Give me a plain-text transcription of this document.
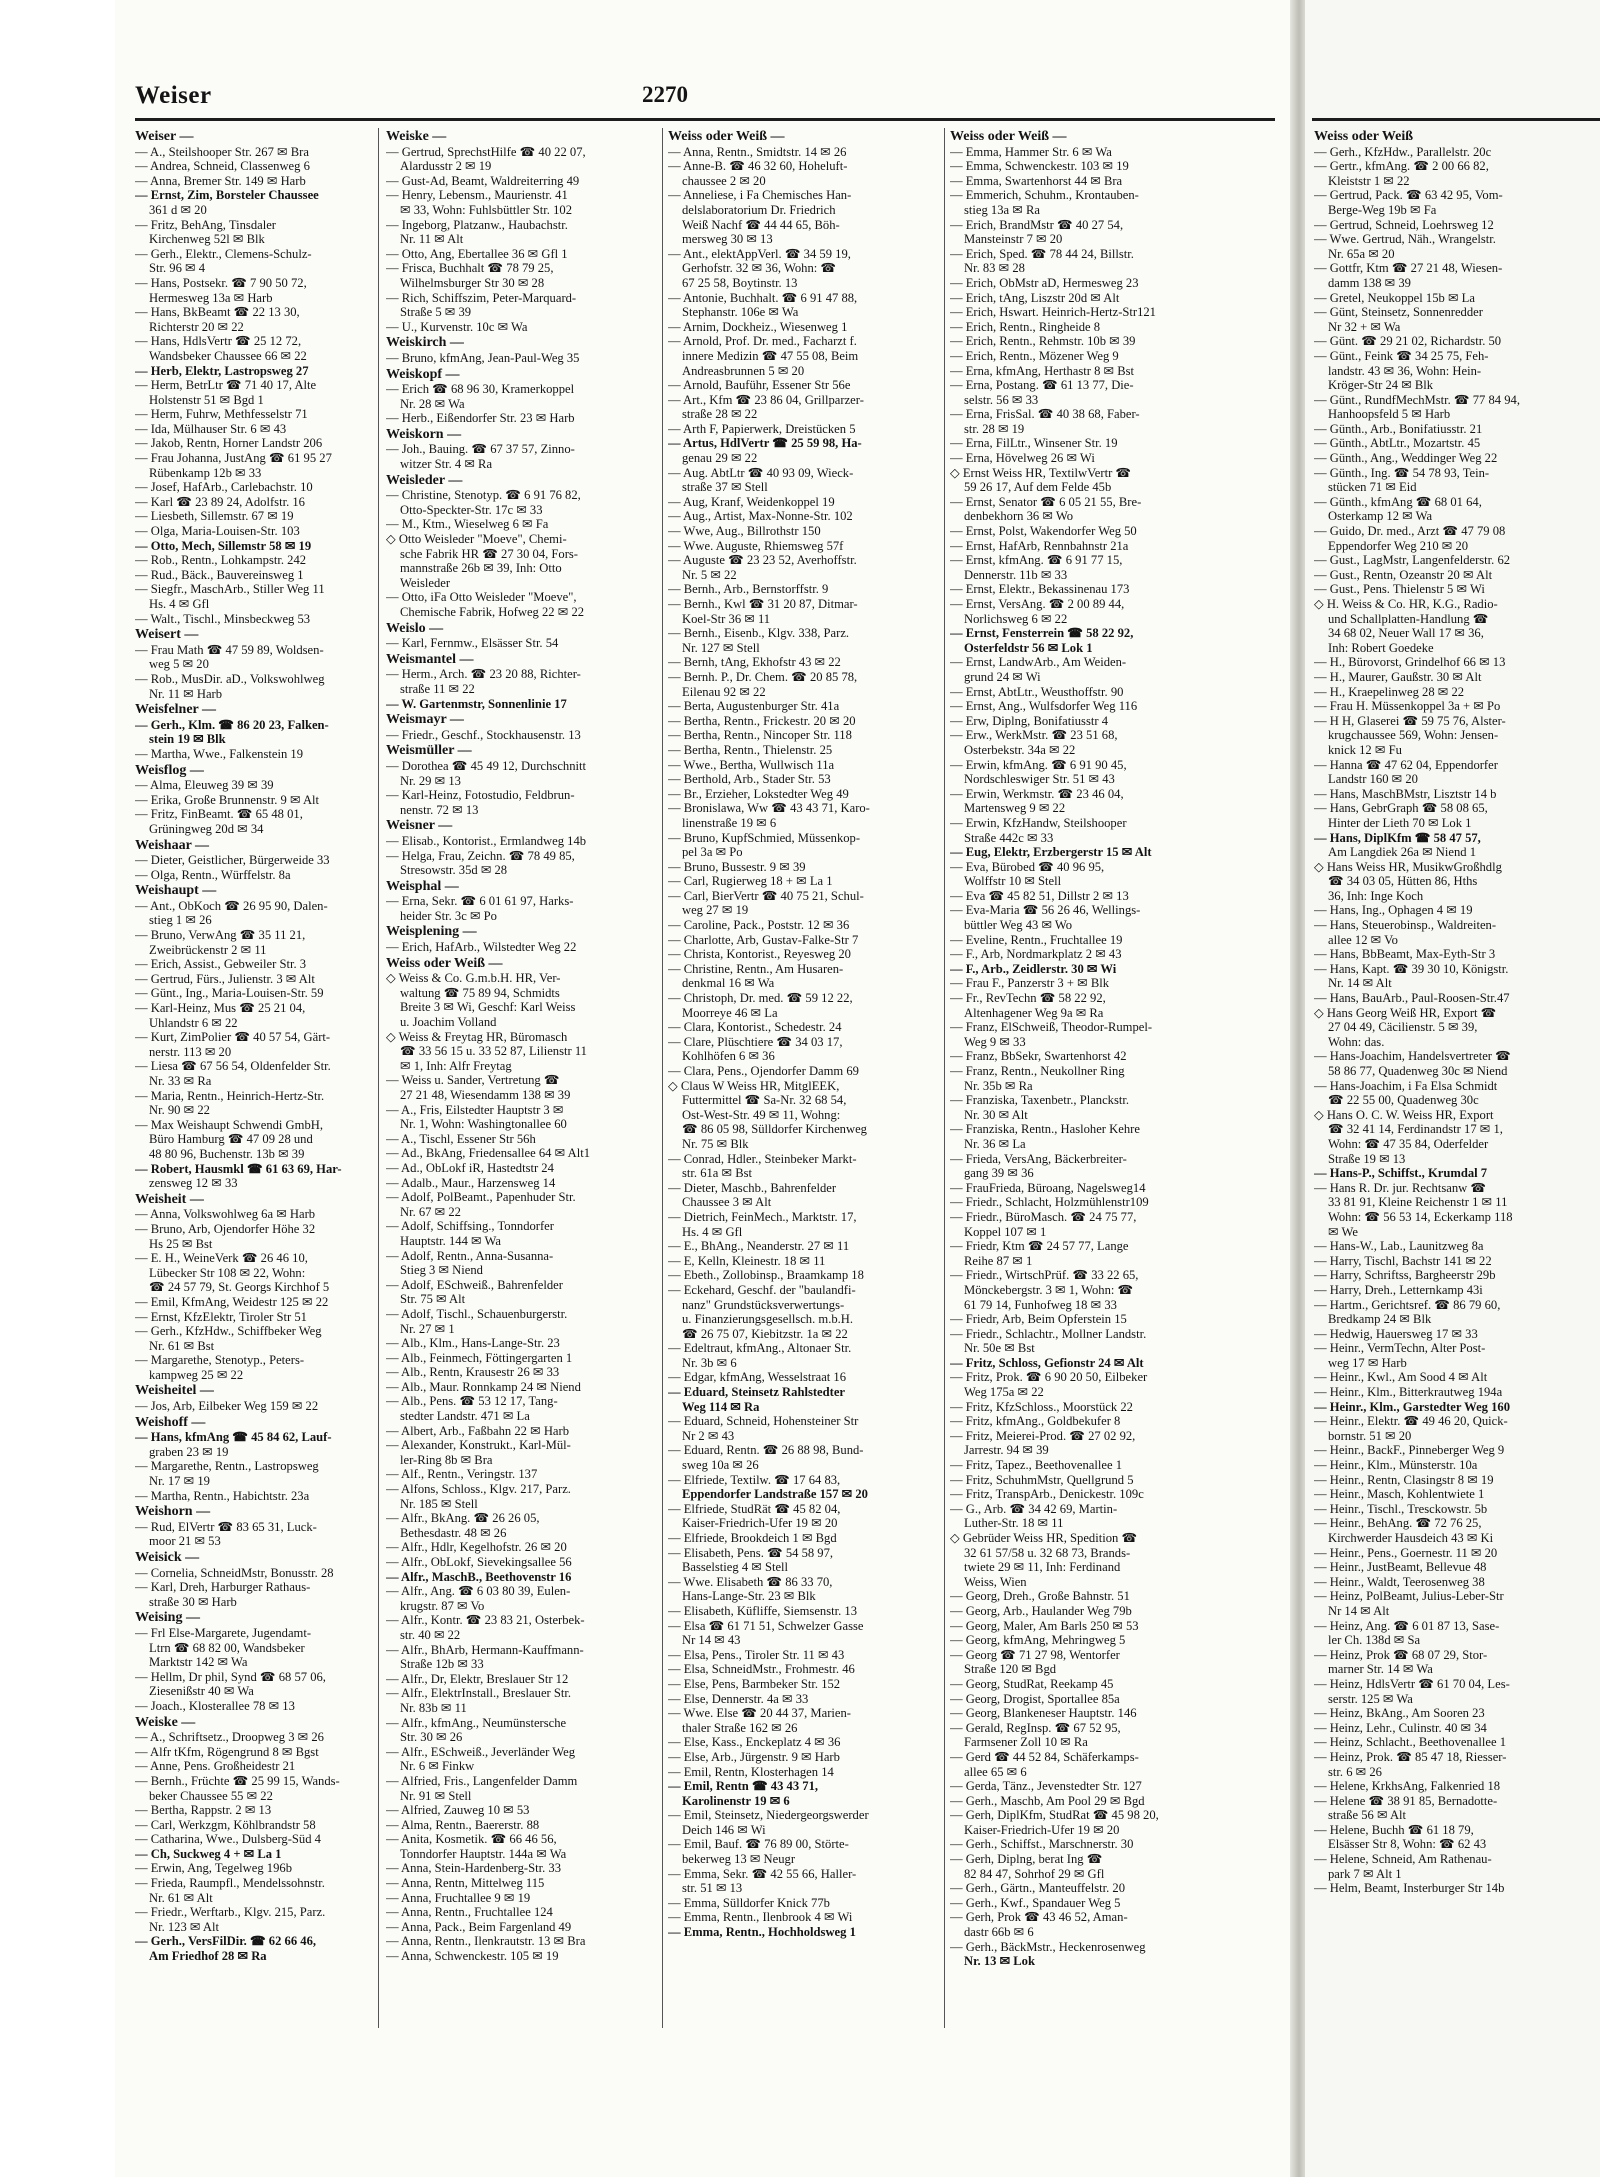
Weiser	2270
Weiser —
— A., Steilshooper Str. 267 ✉ Bra
— Andrea, Schneid, Classenweg 6
— Anna, Bremer Str. 149 ✉ Harb
— Ernst, Zim, Borsteler Chaussee
361 d ✉ 20
— Fritz, BehAng, Tinsdaler
Kirchenweg 52l ✉ Blk
— Gerh., Elektr., Clemens-Schulz-
Str. 96 ✉ 4
— Hans, Postsekr. ☎ 7 90 50 72,
Hermesweg 13a ✉ Harb
— Hans, BkBeamt ☎ 22 13 30,
Richterstr 20 ✉ 22
— Hans, HdlsVertr ☎ 25 12 72,
Wandsbeker Chaussee 66 ✉ 22
— Herb, Elektr, Lastropsweg 27
— Herm, BetrLtr ☎ 71 40 17, Alte
Holstenstr 51 ✉ Bgd 1
— Herm, Fuhrw, Methfesselstr 71
— Ida, Mülhauser Str. 6 ✉ 43
— Jakob, Rentn, Horner Landstr 206
— Frau Johanna, JustAng ☎ 61 95 27
Rübenkamp 12b ✉ 33
— Josef, HafArb., Carlebachstr. 10
— Karl ☎ 23 89 24, Adolfstr. 16
— Liesbeth, Sillemstr. 67 ✉ 19
— Olga, Maria-Louisen-Str. 103
— Otto, Mech, Sillemstr 58 ✉ 19
— Rob., Rentn., Lohkampstr. 242
— Rud., Bäck., Bauvereinsweg 1
— Siegfr., MaschArb., Stiller Weg 11
Hs. 4 ✉ Gfl
— Walt., Tischl., Minsbeckweg 53
Weisert —
— Frau Math ☎ 47 59 89, Woldsen-
weg 5 ✉ 20
— Rob., MusDir. aD., Volkswohlweg
Nr. 11 ✉ Harb
Weisfelner —
— Gerh., Klm. ☎ 86 20 23, Falken-
stein 19 ✉ Blk
— Martha, Wwe., Falkenstein 19
Weisflog —
— Alma, Eleuweg 39 ✉ 39
— Erika, Große Brunnenstr. 9 ✉ Alt
— Fritz, FinBeamt. ☎ 65 48 01,
Grüningweg 20d ✉ 34
Weishaar —
— Dieter, Geistlicher, Bürgerweide 33
— Olga, Rentn., Würffelstr. 8a
Weishaupt —
— Ant., ObKoch ☎ 26 95 90, Dalen-
stieg 1 ✉ 26
— Bruno, VerwAng ☎ 35 11 21,
Zweibrückenstr 2 ✉ 11
— Erich, Assist., Gebweiler Str. 3
— Gertrud, Fürs., Julienstr. 3 ✉ Alt
— Günt., Ing., Maria-Louisen-Str. 59
— Karl-Heinz, Mus ☎ 25 21 04,
Uhlandstr 6 ✉ 22
— Kurt, ZimPolier ☎ 40 57 54, Gärt-
nerstr. 113 ✉ 20
— Liesa ☎ 67 56 54, Oldenfelder Str.
Nr. 33 ✉ Ra
— Maria, Rentn., Heinrich-Hertz-Str.
Nr. 90 ✉ 22
— Max Weishaupt Schwendi GmbH,
Büro Hamburg ☎ 47 09 28 und
48 80 96, Buchenstr. 13b ✉ 39
— Robert, Hausmkl ☎ 61 63 69, Har-
zensweg 12 ✉ 33
Weisheit —
— Anna, Volkswohlweg 6a ✉ Harb
— Bruno, Arb, Ojendorfer Höhe 32
Hs 25 ✉ Bst
— E. H., WeineVerk ☎ 26 46 10,
Lübecker Str 108 ✉ 22, Wohn:
☎ 24 57 79, St. Georgs Kirchhof 5
— Emil, KfmAng, Weidestr 125 ✉ 22
— Ernst, KfzElektr, Tiroler Str 51
— Gerh., KfzHdw., Schiffbeker Weg
Nr. 61 ✉ Bst
— Margarethe, Stenotyp., Peters-
kampweg 25 ✉ 22
Weisheitel —
— Jos, Arb, Eilbeker Weg 159 ✉ 22
Weishoff —
— Hans, kfmAng ☎ 45 84 62, Lauf-
graben 23 ✉ 19
— Margarethe, Rentn., Lastropsweg
Nr. 17 ✉ 19
— Martha, Rentn., Habichtstr. 23a
Weishorn —
— Rud, ElVertr ☎ 83 65 31, Luck-
moor 21 ✉ 53
Weisick —
— Cornelia, SchneidMstr, Bonusstr. 28
— Karl, Dreh, Harburger Rathaus-
straße 30 ✉ Harb
Weising —
— Frl Else-Margarete, Jugendamt-
Ltrn ☎ 68 82 00, Wandsbeker
Marktstr 142 ✉ Wa
— Hellm, Dr phil, Synd ☎ 68 57 06,
Ziesenißstr 40 ✉ Wa
— Joach., Klosterallee 78 ✉ 13
Weiske —
— A., Schriftsetz., Droopweg 3 ✉ 26
— Alfr tKfm, Rögengrund 8 ✉ Bgst
— Anne, Pens. Großheidestr 21
— Bernh., Früchte ☎ 25 99 15, Wands-
beker Chaussee 55 ✉ 22
— Bertha, Rappstr. 2 ✉ 13
— Carl, Werkzgm, Köhlbrandstr 58
— Catharina, Wwe., Dulsberg-Süd 4
— Ch, Suckweg 4 + ✉ La 1
— Erwin, Ang, Tegelweg 196b
— Frieda, Raumpfl., Mendelssohnstr.
Nr. 61 ✉ Alt
— Friedr., Werftarb., Klgv. 215, Parz.
Nr. 123 ✉ Alt
— Gerh., VersFilDir. ☎ 62 66 46,
Am Friedhof 28 ✉ Ra
Weiske —
— Gertrud, SprechstHilfe ☎ 40 22 07,
Alardusstr 2 ✉ 19
— Gust-Ad, Beamt, Waldreiterring 49
— Henry, Lebensm., Maurienstr. 41
✉ 33, Wohn: Fuhlsbüttler Str. 102
— Ingeborg, Platzanw., Haubachstr.
Nr. 11 ✉ Alt
— Otto, Ang, Ebertallee 36 ✉ Gfl 1
— Frisca, Buchhalt ☎ 78 79 25,
Wilhelmsburger Str 30 ✉ 28
— Rich, Schiffszim, Peter-Marquard-
Straße 5 ✉ 39
— U., Kurvenstr. 10c ✉ Wa
Weiskirch —
— Bruno, kfmAng, Jean-Paul-Weg 35
Weiskopf —
— Erich ☎ 68 96 30, Kramerkoppel
Nr. 28 ✉ Wa
— Herb., Eißendorfer Str. 23 ✉ Harb
Weiskorn —
— Joh., Bauing. ☎ 67 37 57, Zinno-
witzer Str. 4 ✉ Ra
Weisleder —
— Christine, Stenotyp. ☎ 6 91 76 82,
Otto-Speckter-Str. 17c ✉ 33
— M., Ktm., Wieselweg 6 ✉ Fa
◇ Otto Weisleder "Moeve", Chemi-
sche Fabrik HR ☎ 27 30 04, Fors-
mannstraße 26b ✉ 39, Inh: Otto
Weisleder
— Otto, iFa Otto Weisleder "Moeve",
Chemische Fabrik, Hofweg 22 ✉ 22
Weislo —
— Karl, Fernmw., Elsässer Str. 54
Weismantel —
— Herm., Arch. ☎ 23 20 88, Richter-
straße 11 ✉ 22
— W. Gartenmstr, Sonnenlinie 17
Weismayr —
— Friedr., Geschf., Stockhausenstr. 13
Weismüller —
— Dorothea ☎ 45 49 12, Durchschnitt
Nr. 29 ✉ 13
— Karl-Heinz, Fotostudio, Feldbrun-
nenstr. 72 ✉ 13
Weisner —
— Elisab., Kontorist., Ermlandweg 14b
— Helga, Frau, Zeichn. ☎ 78 49 85,
Stresowstr. 35d ✉ 28
Weisphal —
— Erna, Sekr. ☎ 6 01 61 97, Harks-
heider Str. 3c ✉ Po
Weisplening —
— Erich, HafArb., Wilstedter Weg 22
Weiss oder Weiß —
◇ Weiss & Co. G.m.b.H. HR, Ver-
waltung ☎ 75 89 94, Schmidts
Breite 3 ✉ Wi, Geschf: Karl Weiss
u. Joachim Volland
◇ Weiss & Freytag HR, Büromasch
☎ 33 56 15 u. 33 52 87, Lilienstr 11
✉ 1, Inh: Alfr Freytag
— Weiss u. Sander, Vertretung ☎
27 21 48, Wiesendamm 138 ✉ 39
— A., Fris, Eilstedter Hauptstr 3 ✉
Nr. 1, Wohn: Washingtonallee 60
— A., Tischl, Essener Str 56h
— Ad., BkAng, Friedensallee 64 ✉ Alt1
— Ad., ObLokf iR, Hastedtstr 24
— Adalb., Maur., Harzensweg 14
— Adolf, PolBeamt., Papenhuder Str.
Nr. 67 ✉ 22
— Adolf, Schiffsing., Tonndorfer
Hauptstr. 144 ✉ Wa
— Adolf, Rentn., Anna-Susanna-
Stieg 3 ✉ Niend
— Adolf, ESchweiß., Bahrenfelder
Str. 75 ✉ Alt
— Adolf, Tischl., Schauenburgerstr.
Nr. 27 ✉ 1
— Alb., Klm., Hans-Lange-Str. 23
— Alb., Feinmech, Föttingergarten 1
— Alb., Rentn, Krausestr 26 ✉ 33
— Alb., Maur. Ronnkamp 24 ✉ Niend
— Alb., Pens. ☎ 53 12 17, Tang-
stedter Landstr. 471 ✉ La
— Albert, Arb., Faßbahn 22 ✉ Harb
— Alexander, Konstrukt., Karl-Mül-
ler-Ring 8b ✉ Bra
— Alf., Rentn., Veringstr. 137
— Alfons, Schloss., Klgv. 217, Parz.
Nr. 185 ✉ Stell
— Alfr., BkAng. ☎ 26 26 05,
Bethesdastr. 48 ✉ 26
— Alfr., Hdlr, Kegelhofstr. 26 ✉ 20
— Alfr., ObLokf, Sievekingsallee 56
— Alfr., MaschB., Beethovenstr 16
— Alfr., Ang. ☎ 6 03 80 39, Eulen-
krugstr. 87 ✉ Vo
— Alfr., Kontr. ☎ 23 83 21, Osterbek-
str. 40 ✉ 22
— Alfr., BhArb, Hermann-Kauffmann-
Straße 12b ✉ 33
— Alfr., Dr, Elektr, Breslauer Str 12
— Alfr., ElektrInstall., Breslauer Str.
Nr. 83b ✉ 11
— Alfr., kfmAng., Neumünstersche
Str. 30 ✉ 26
— Alfr., ESchweiß., Jeverländer Weg
Nr. 6 ✉ Finkw
— Alfried, Fris., Langenfelder Damm
Nr. 91 ✉ Stell
— Alfried, Zauweg 10 ✉ 53
— Alma, Rentn., Baererstr. 88
— Anita, Kosmetik. ☎ 66 46 56,
Tonndorfer Hauptstr. 144a ✉ Wa
— Anna, Stein-Hardenberg-Str. 33
— Anna, Rentn, Mittelweg 115
— Anna, Fruchtallee 9 ✉ 19
— Anna, Rentn., Fruchtallee 124
— Anna, Pack., Beim Fargenland 49
— Anna, Rentn., Ilenkrautstr. 13 ✉ Bra
— Anna, Schwenckestr. 105 ✉ 19
Weiss oder Weiß —
— Anna, Rentn., Smidtstr. 14 ✉ 26
— Anne-B. ☎ 46 32 60, Hoheluft-
chaussee 2 ✉ 20
— Anneliese, i Fa Chemisches Han-
delslaboratorium Dr. Friedrich
Weiß Nachf ☎ 44 44 65, Böh-
mersweg 30 ✉ 13
— Ant., elektAppVerl. ☎ 34 59 19,
Gerhofstr. 32 ✉ 36, Wohn: ☎
67 25 58, Boytinstr. 13
— Antonie, Buchhalt. ☎ 6 91 47 88,
Stephanstr. 106e ✉ Wa
— Arnim, Dockheiz., Wiesenweg 1
— Arnold, Prof. Dr. med., Facharzt f.
innere Medizin ☎ 47 55 08, Beim
Andreasbrunnen 5 ✉ 20
— Arnold, Bauführ, Essener Str 56e
— Art., Kfm ☎ 23 86 04, Grillparzer-
straße 28 ✉ 22
— Arth F, Papierwerk, Dreistücken 5
— Artus, HdlVertr ☎ 25 59 98, Ha-
genau 29 ✉ 22
— Aug. AbtLtr ☎ 40 93 09, Wieck-
straße 37 ✉ Stell
— Aug, Kranf, Weidenkoppel 19
— Aug., Artist, Max-Nonne-Str. 102
— Wwe, Aug., Billrothstr 150
— Wwe. Auguste, Rhiemsweg 57f
— Auguste ☎ 23 23 52, Averhoffstr.
Nr. 5 ✉ 22
— Bernh., Arb., Bernstorffstr. 9
— Bernh., Kwl ☎ 31 20 87, Ditmar-
Koel-Str 36 ✉ 11
— Bernh., Eisenb., Klgv. 338, Parz.
Nr. 127 ✉ Stell
— Bernh, tAng, Ekhofstr 43 ✉ 22
— Bernh. P., Dr. Chem. ☎ 20 85 78,
Eilenau 92 ✉ 22
— Berta, Augustenburger Str. 41a
— Bertha, Rentn., Frickestr. 20 ✉ 20
— Bertha, Rentn., Nincoper Str. 118
— Bertha, Rentn., Thielenstr. 25
— Wwe., Bertha, Wullwisch 11a
— Berthold, Arb., Stader Str. 53
— Br., Erzieher, Lokstedter Weg 49
— Bronislawa, Ww ☎ 43 43 71, Karo-
linenstraße 19 ✉ 6
— Bruno, KupfSchmied, Müssenkop-
pel 3a ✉ Po
— Bruno, Bussestr. 9 ✉ 39
— Carl, Rugierweg 18 + ✉ La 1
— Carl, BierVertr ☎ 40 75 21, Schul-
weg 27 ✉ 19
— Caroline, Pack., Poststr. 12 ✉ 36
— Charlotte, Arb, Gustav-Falke-Str 7
— Christa, Kontorist., Reyesweg 20
— Christine, Rentn., Am Husaren-
denkmal 16 ✉ Wa
— Christoph, Dr. med. ☎ 59 12 22,
Moorreye 46 ✉ La
— Clara, Kontorist., Schedestr. 24
— Clare, Plüschtiere ☎ 34 03 17,
Kohlhöfen 6 ✉ 36
— Clara, Pens., Ojendorfer Damm 69
◇ Claus W Weiss HR, MitglEEK,
Futtermittel ☎ Sa-Nr. 32 68 54,
Ost-West-Str. 49 ✉ 11, Wohng:
☎ 86 05 98, Sülldorfer Kirchenweg
Nr. 75 ✉ Blk
— Conrad, Hdler., Steinbeker Markt-
str. 61a ✉ Bst
— Dieter, Maschb., Bahrenfelder
Chaussee 3 ✉ Alt
— Dietrich, FeinMech., Marktstr. 17,
Hs. 4 ✉ Gfl
— E., BhAng., Neanderstr. 27 ✉ 11
— E, Kelln, Kleinestr. 18 ✉ 11
— Ebeth., Zollobinsp., Braamkamp 18
— Eckehard, Geschf. der "baulandfi-
nanz" Grundstücksverwertungs-
u. Finanzierungsgesellsch. m.b.H.
☎ 26 75 07, Kiebitzstr. 1a ✉ 22
— Edeltraut, kfmAng., Altonaer Str.
Nr. 3b ✉ 6
— Edgar, kfmAng, Wesselstraat 16
— Eduard, Steinsetz Rahlstedter
Weg 114 ✉ Ra
— Eduard, Schneid, Hohensteiner Str
Nr 2 ✉ 43
— Eduard, Rentn. ☎ 26 88 98, Bund-
sweg 10a ✉ 26
— Elfriede, Textilw. ☎ 17 64 83,
Eppendorfer Landstraße 157 ✉ 20
— Elfriede, StudRät ☎ 45 82 04,
Kaiser-Friedrich-Ufer 19 ✉ 20
— Elfriede, Brookdeich 1 ✉ Bgd
— Elisabeth, Pens. ☎ 54 58 97,
Basselstieg 4 ✉ Stell
— Wwe. Elisabeth ☎ 86 33 70,
Hans-Lange-Str. 23 ✉ Blk
— Elisabeth, Küfliffe, Siemsenstr. 13
— Elsa ☎ 61 71 51, Schwelzer Gasse
Nr 14 ✉ 43
— Elsa, Pens., Tiroler Str. 11 ✉ 43
— Elsa, SchneidMstr., Frohmestr. 46
— Else, Pens, Barmbeker Str. 152
— Else, Dennerstr. 4a ✉ 33
— Wwe. Else ☎ 20 44 37, Marien-
thaler Straße 162 ✉ 26
— Else, Kass., Enckeplatz 4 ✉ 36
— Else, Arb., Jürgenstr. 9 ✉ Harb
— Emil, Rentn, Klosterhagen 14
— Emil, Rentn ☎ 43 43 71,
Karolinenstr 19 ✉ 6
— Emil, Steinsetz, Niedergeorgswerder
Deich 146 ✉ Wi
— Emil, Bauf. ☎ 76 89 00, Störte-
bekerweg 13 ✉ Neugr
— Emma, Sekr. ☎ 42 55 66, Haller-
str. 51 ✉ 13
— Emma, Sülldorfer Knick 77b
— Emma, Rentn., Ilenbrook 4 ✉ Wi
— Emma, Rentn., Hochholdsweg 1
Weiss oder Weiß —
— Emma, Hammer Str. 6 ✉ Wa
— Emma, Schwenckestr. 103 ✉ 19
— Emma, Swartenhorst 44 ✉ Bra
— Emmerich, Schuhm., Krontauben-
stieg 13a ✉ Ra
— Erich, BrandMstr ☎ 40 27 54,
Mansteinstr 7 ✉ 20
— Erich, Sped. ☎ 78 44 24, Billstr.
Nr. 83 ✉ 28
— Erich, ObMstr aD, Hermesweg 23
— Erich, tAng, Liszstr 20d ✉ Alt
— Erich, Hswart. Heinrich-Hertz-Str121
— Erich, Rentn., Ringheide 8
— Erich, Rentn., Rehmstr. 10b ✉ 39
— Erich, Rentn., Mözener Weg 9
— Erna, kfmAng, Herthastr 8 ✉ Bst
— Erna, Postang. ☎ 61 13 77, Die-
selstr. 56 ✉ 33
— Erna, FrisSal. ☎ 40 38 68, Faber-
str. 28 ✉ 19
— Erna, FilLtr., Winsener Str. 19
— Erna, Hövelweg 26 ✉ Wi
◇ Ernst Weiss HR, TextilwVertr ☎
59 26 17, Auf dem Felde 45b
— Ernst, Senator ☎ 6 05 21 55, Bre-
denbekhorn 36 ✉ Wo
— Ernst, Polst, Wakendorfer Weg 50
— Ernst, HafArb, Rennbahnstr 21a
— Ernst, kfmAng. ☎ 6 91 77 15,
Dennerstr. 11b ✉ 33
— Ernst, Elektr., Bekassinenau 173
— Ernst, VersAng. ☎ 2 00 89 44,
Norlichsweg 6 ✉ 22
— Ernst, Fensterrein ☎ 58 22 92,
Osterfeldstr 56 ✉ Lok 1
— Ernst, LandwArb., Am Weiden-
grund 24 ✉ Wi
— Ernst, AbtLtr., Weusthoffstr. 90
— Ernst, Ang., Wulfsdorfer Weg 116
— Erw, Diplng, Bonifatiusstr 4
— Erw., WerkMstr. ☎ 23 51 68,
Osterbekstr. 34a ✉ 22
— Erwin, kfmAng. ☎ 6 91 90 45,
Nordschleswiger Str. 51 ✉ 43
— Erwin, Werkmstr. ☎ 23 46 04,
Martensweg 9 ✉ 22
— Erwin, KfzHandw, Steilshooper
Straße 442c ✉ 33
— Eug, Elektr, Erzbergerstr 15 ✉ Alt
— Eva, Bürobed ☎ 40 96 95,
Wolffstr 10 ✉ Stell
— Eva ☎ 45 82 51, Dillstr 2 ✉ 13
— Eva-Maria ☎ 56 26 46, Wellings-
büttler Weg 43 ✉ Wo
— Eveline, Rentn., Fruchtallee 19
— F., Arb, Nordmarkplatz 2 ✉ 43
— F., Arb., Zeidlerstr. 30 ✉ Wi
— Frau F., Panzerstr 3 + ✉ Blk
— Fr., RevTechn ☎ 58 22 92,
Altenhagener Weg 9a ✉ Ra
— Franz, ElSchweiß, Theodor-Rumpel-
Weg 9 ✉ 33
— Franz, BbSekr, Swartenhorst 42
— Franz, Rentn., Neukollner Ring
Nr. 35b ✉ Ra
— Franziska, Taxenbetr., Planckstr.
Nr. 30 ✉ Alt
— Franziska, Rentn., Hasloher Kehre
Nr. 36 ✉ La
— Frieda, VersAng, Bäckerbreiter-
gang 39 ✉ 36
— FrauFrieda, Büroang, Nagelsweg14
— Friedr., Schlacht, Holzmühlenstr109
— Friedr., BüroMasch. ☎ 24 75 77,
Koppel 107 ✉ 1
— Friedr, Ktm ☎ 24 57 77, Lange
Reihe 87 ✉ 1
— Friedr., WirtschPrüf. ☎ 33 22 65,
Mönckebergstr. 3 ✉ 1, Wohn: ☎
61 79 14, Funhofweg 18 ✉ 33
— Friedr, Arb, Beim Opferstein 15
— Friedr., Schlachtr., Mollner Landstr.
Nr. 50e ✉ Bst
— Fritz, Schloss, Gefionstr 24 ✉ Alt
— Fritz, Prok. ☎ 6 90 20 50, Eilbeker
Weg 175a ✉ 22
— Fritz, KfzSchloss., Moorstück 22
— Fritz, kfmAng., Goldbekufer 8
— Fritz, Meierei-Prod. ☎ 27 02 92,
Jarrestr. 94 ✉ 39
— Fritz, Tapez., Beethovenallee 1
— Fritz, SchuhmMstr, Quellgrund 5
— Fritz, TranspArb., Denickestr. 109c
— G., Arb. ☎ 34 42 69, Martin-
Luther-Str. 18 ✉ 11
◇ Gebrüder Weiss HR, Spedition ☎
32 61 57/58 u. 32 68 73, Brands-
twiete 29 ✉ 11, Inh: Ferdinand
Weiss, Wien
— Georg, Dreh., Große Bahnstr. 51
— Georg, Arb., Haulander Weg 79b
— Georg, Maler, Am Barls 250 ✉ 53
— Georg, kfmAng, Mehringweg 5
— Georg ☎ 71 27 98, Wentorfer
Straße 120 ✉ Bgd
— Georg, StudRat, Reekamp 45
— Georg, Drogist, Sportallee 85a
— Georg, Blankeneser Hauptstr. 146
— Gerald, RegInsp. ☎ 67 52 95,
Farmsener Zoll 10 ✉ Ra
— Gerd ☎ 44 52 84, Schäferkamps-
allee 65 ✉ 6
— Gerda, Tänz., Jevenstedter Str. 127
— Gerh., Maschb, Am Pool 29 ✉ Bgd
— Gerh, DiplKfm, StudRat ☎ 45 98 20,
Kaiser-Friedrich-Ufer 19 ✉ 20
— Gerh., Schiffst., Marschnerstr. 30
— Gerh, Diplng, berat Ing ☎
82 84 47, Sohrhof 29 ✉ Gfl
— Gerh., Gärtn., Manteuffelstr. 20
— Gerh., Kwf., Spandauer Weg 5
— Gerh, Prok ☎ 43 46 52, Aman-
dastr 66b ✉ 6
— Gerh., BäckMstr., Heckenrosenweg
Nr. 13 ✉ Lok
Weiss oder Weiß
— Gerh., KfzHdw., Parallelstr. 20c
— Gertr., kfmAng. ☎ 2 00 66 82,
Kleiststr 1 ✉ 22
— Gertrud, Pack. ☎ 63 42 95, Vom-
Berge-Weg 19b ✉ Fa
— Gertrud, Schneid, Loehrsweg 12
— Wwe. Gertrud, Näh., Wrangelstr.
Nr. 65a ✉ 20
— Gottfr, Ktm ☎ 27 21 48, Wiesen-
damm 138 ✉ 39
— Gretel, Neukoppel 15b ✉ La
— Günt, Steinsetz, Sonnenredder
Nr 32 + ✉ Wa
— Günt. ☎ 29 21 02, Richardstr. 50
— Günt., Feink ☎ 34 25 75, Feh-
landstr. 43 ✉ 36, Wohn: Hein-
Kröger-Str 24 ✉ Blk
— Günt., RundfMechMstr. ☎ 77 84 94,
Hanhoopsfeld 5 ✉ Harb
— Günth., Arb., Bonifatiusstr. 21
— Günth., AbtLtr., Mozartstr. 45
— Günth., Ang., Weddinger Weg 22
— Günth., Ing. ☎ 54 78 93, Tein-
stücken 71 ✉ Eid
— Günth., kfmAng ☎ 68 01 64,
Osterkamp 12 ✉ Wa
— Guido, Dr. med., Arzt ☎ 47 79 08
Eppendorfer Weg 210 ✉ 20
— Gust., LagMstr, Langenfelderstr. 62
— Gust., Rentn, Ozeanstr 20 ✉ Alt
— Gust., Pens. Thielenstr 5 ✉ Wi
◇ H. Weiss & Co. HR, K.G., Radio-
und Schallplatten-Handlung ☎
34 68 02, Neuer Wall 17 ✉ 36,
Inh: Robert Goedeke
— H., Bürovorst, Grindelhof 66 ✉ 13
— H., Maurer, Gaußstr. 30 ✉ Alt
— H., Kraepelinweg 28 ✉ 22
— Frau H. Müssenkoppel 3a + ✉ Po
— H H, Glaserei ☎ 59 75 76, Alster-
krugchaussee 569, Wohn: Jensen-
knick 12 ✉ Fu
— Hanna ☎ 47 62 04, Eppendorfer
Landstr 160 ✉ 20
— Hans, MaschBMstr, Lisztstr 14 b
— Hans, GebrGraph ☎ 58 08 65,
Hinter der Lieth 70 ✉ Lok 1
— Hans, DiplKfm ☎ 58 47 57,
Am Langdiek 26a ✉ Niend 1
◇ Hans Weiss HR, MusikwGroßhdlg
☎ 34 03 05, Hütten 86, Hths
36, Inh: Inge Koch
— Hans, Ing., Ophagen 4 ✉ 19
— Hans, Steuerobinsp., Waldreiten-
allee 12 ✉ Vo
— Hans, BbBeamt, Max-Eyth-Str 3
— Hans, Kapt. ☎ 39 30 10, Königstr.
Nr. 14 ✉ Alt
— Hans, BauArb., Paul-Roosen-Str.47
◇ Hans Georg Weiß HR, Export ☎
27 04 49, Cäcilienstr. 5 ✉ 39,
Wohn: das.
— Hans-Joachim, Handelsvertreter ☎
58 86 77, Quadenweg 30c ✉ Niend
— Hans-Joachim, i Fa Elsa Schmidt
☎ 22 55 00, Quadenweg 30c
◇ Hans O. C. W. Weiss HR, Export
☎ 32 41 14, Ferdinandstr 17 ✉ 1,
Wohn: ☎ 47 35 84, Oderfelder
Straße 19 ✉ 13
— Hans-P., Schiffst., Krumdal 7
— Hans R. Dr. jur. Rechtsanw ☎
33 81 91, Kleine Reichenstr 1 ✉ 11
Wohn: ☎ 56 53 14, Eckerkamp 118
✉ We
— Hans-W., Lab., Launitzweg 8a
— Harry, Tischl, Bachstr 141 ✉ 22
— Harry, Schriftss, Bargheerstr 29b
— Harry, Dreh., Letternkamp 43i
— Hartm., Gerichtsref. ☎ 86 79 60,
Bredkamp 24 ✉ Blk
— Hedwig, Hauersweg 17 ✉ 33
— Heinr., VermTechn, Alter Post-
weg 17 ✉ Harb
— Heinr., Kwl., Am Sood 4 ✉ Alt
— Heinr., Klm., Bitterkrautweg 194a
— Heinr., Klm., Garstedter Weg 160
— Heinr., Elektr. ☎ 49 46 20, Quick-
bornstr. 51 ✉ 20
— Heinr., BackF., Pinneberger Weg 9
— Heinr., Klm., Münsterstr. 10a
— Heinr., Rentn, Clasingstr 8 ✉ 19
— Heinr., Masch, Kohlentwiete 1
— Heinr., Tischl., Tresckowstr. 5b
— Heinr., BehAng. ☎ 72 76 25,
Kirchwerder Hausdeich 43 ✉ Ki
— Heinr., Pens., Goernestr. 11 ✉ 20
— Heinr., JustBeamt, Bellevue 48
— Heinr., Waldt, Teerosenweg 38
— Heinz, PolBeamt, Julius-Leber-Str
Nr 14 ✉ Alt
— Heinz, Ang. ☎ 6 01 87 13, Sase-
ler Ch. 138d ✉ Sa
— Heinz, Prok ☎ 68 07 29, Stor-
marner Str. 14 ✉ Wa
— Heinz, HdlsVertr ☎ 61 70 04, Les-
serstr. 125 ✉ Wa
— Heinz, BkAng., Am Sooren 23
— Heinz, Lehr., Culinstr. 40 ✉ 34
— Heinz, Schlacht., Beethovenallee 1
— Heinz, Prok. ☎ 85 47 18, Riesser-
str. 6 ✉ 26
— Helene, KrkhsAng, Falkenried 18
— Helene ☎ 38 91 85, Bernadotte-
straße 56 ✉ Alt
— Helene, Buchh ☎ 61 18 79,
Elsässer Str 8, Wohn: ☎ 62 43
— Helene, Schneid, Am Rathenau-
park 7 ✉ Alt 1
— Helm, Beamt, Insterburger Str 14b
